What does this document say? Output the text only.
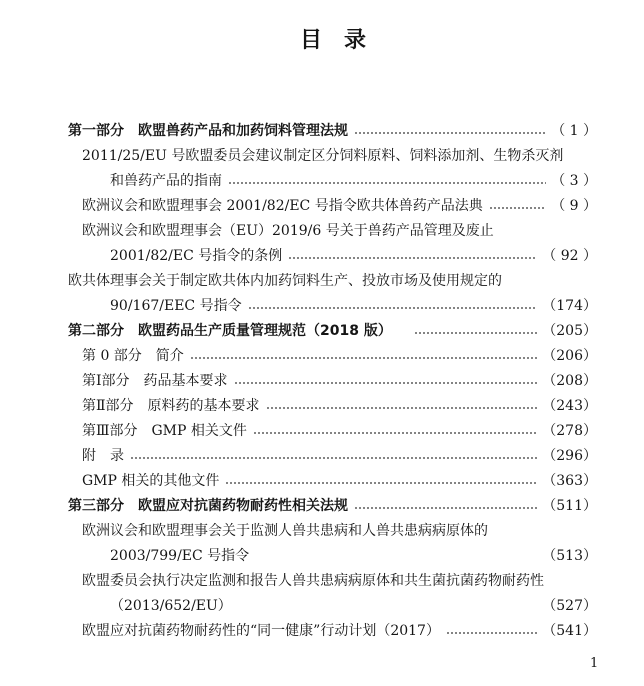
目　录
第一部分　欧盟兽药产品和加药饲料管理法规	（ 1 ）
2011/25/EU 号欧盟委员会建议制定区分饲料原料、饲料添加剂、生物杀灭剂
和兽药产品的指南	（ 3 ）
欧洲议会和欧盟理事会 2001/82/EC 号指令欧共体兽药产品法典	（ 9 ）
欧洲议会和欧盟理事会（EU）2019/6 号关于兽药产品管理及废止
2001/82/EC 号指令的条例	（ 92 ）
欧共体理事会关于制定欧共体内加药饲料生产、投放市场及使用规定的
90/167/EEC 号指令	（174）
第二部分　欧盟药品生产质量管理规范（2018 版）	（205）
第 0 部分　简介	（206）
第Ⅰ部分　药品基本要求	（208）
第Ⅱ部分　原料药的基本要求	（243）
第Ⅲ部分　GMP 相关文件	（278）
附　录	（296）
GMP 相关的其他文件	（363）
第三部分　欧盟应对抗菌药物耐药性相关法规	（511）
欧洲议会和欧盟理事会关于监测人兽共患病和人兽共患病病原体的
2003/799/EC 号指令	（513）
欧盟委员会执行决定监测和报告人兽共患病病原体和共生菌抗菌药物耐药性
（2013/652/EU）	（527）
欧盟应对抗菌药物耐药性的“同一健康”行动计划（2017）	（541）
1
